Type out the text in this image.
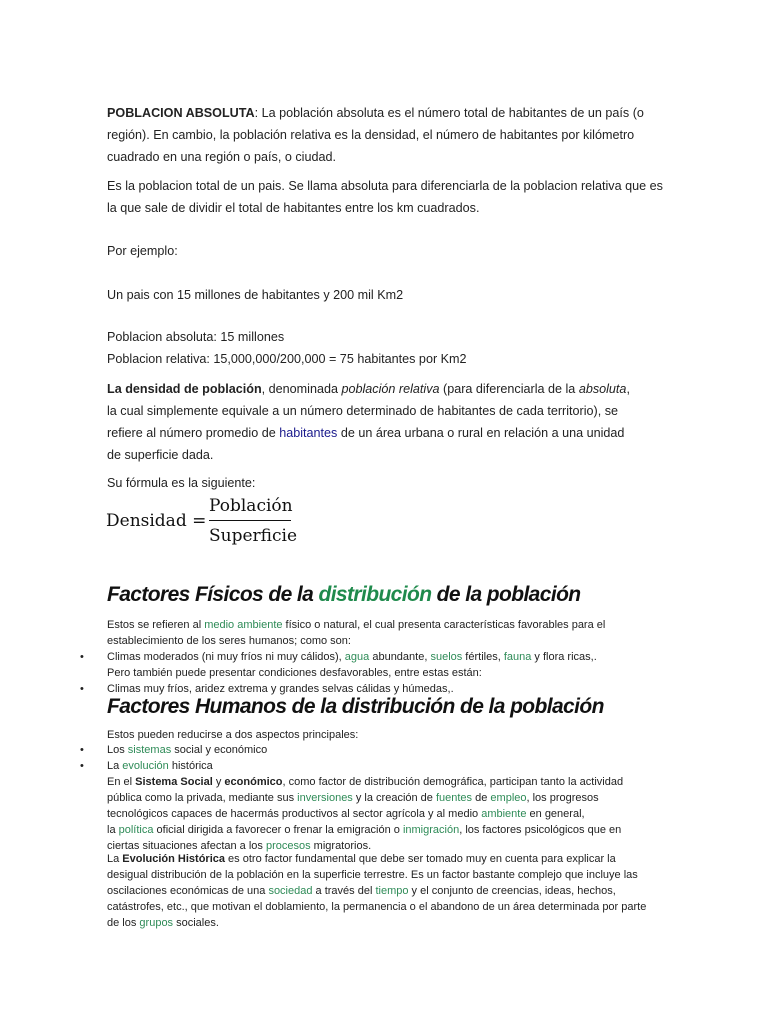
POBLACION ABSOLUTA: La población absoluta es el número total de habitantes de un país (o
región). En cambio, la población relativa es la densidad, el número de habitantes por kilómetro
cuadrado en una región o país, o ciudad.

Es la poblacion total de un pais. Se llama absoluta para diferenciarla de la poblacion relativa que es
la que sale de dividir el total de habitantes entre los km cuadrados.

Por ejemplo:

Un pais con 15 millones de habitantes y 200 mil Km2

Poblacion absoluta: 15 millones

Poblacion relativa: 15,000,000/200,000 = 75 habitantes por Km2

La densidad de población, denominada población relativa (para diferenciarla de la absoluta,
la cual simplemente equivale a un número determinado de habitantes de cada territorio), se
refiere al número promedio de habitantes de un área urbana o rural en relación a una unidad
de superficie dada.

Su fórmula es la siguiente:

Densidad =
Población
Superficie
Factores Físicos de la distribución de la población

Estos se refieren al medio ambiente físico o natural, el cual presenta características favorables para el
establecimiento de los seres humanos; como son:

• Climas moderados (ni muy fríos ni muy cálidos), agua abundante, suelos fértiles, fauna y flora ricas,.

Pero también puede presentar condiciones desfavorables, entre estas están:

• Climas muy fríos, aridez extrema y grandes selvas cálidas y húmedas,.

Factores Humanos de la distribución de la población

Estos pueden reducirse a dos aspectos principales:

• Los sistemas social y económico

• La evolución histórica

En el Sistema Social y económico, como factor de distribución demográfica, participan tanto la actividad
pública como la privada, mediante sus inversiones y la creación de fuentes de empleo, los progresos
tecnológicos capaces de hacermás productivos al sector agrícola y al medio ambiente en general,
la política oficial dirigida a favorecer o frenar la emigración o inmigración, los factores psicológicos que en
ciertas situaciones afectan a los procesos migratorios.

La Evolución Histórica es otro factor fundamental que debe ser tomado muy en cuenta para explicar la
desigual distribución de la población en la superficie terrestre. Es un factor bastante complejo que incluye las
oscilaciones económicas de una sociedad a través del tiempo y el conjunto de creencias, ideas, hechos,
catástrofes, etc., que motivan el doblamiento, la permanencia o el abandono de un área determinada por parte
de los grupos sociales.
